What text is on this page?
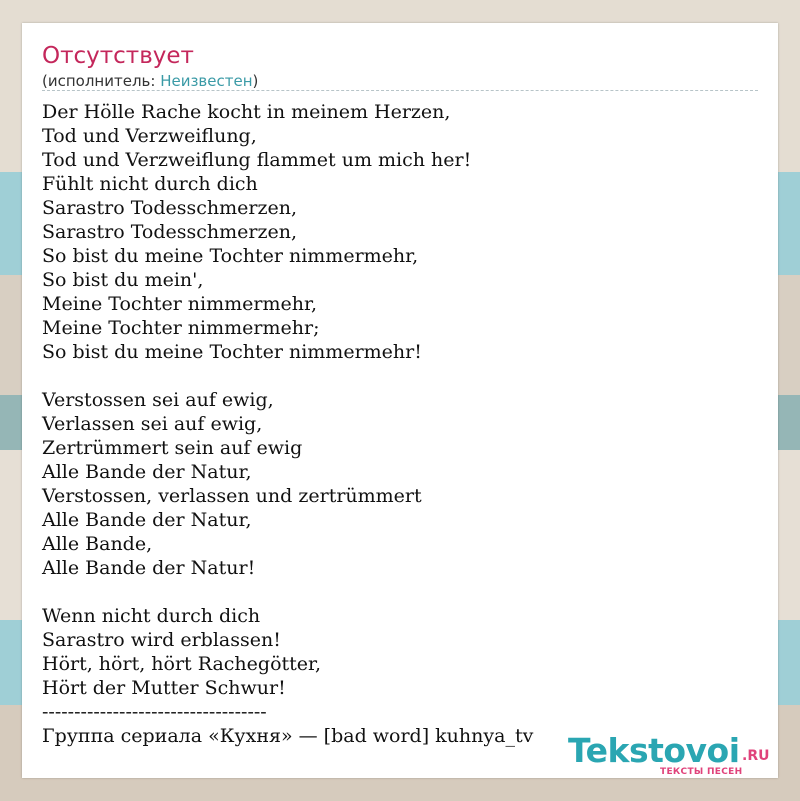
Отсутствует
(исполнитель: Неизвестен)
Der Hölle Rache kocht in meinem Herzen,
Tod und Verzweiflung,
Tod und Verzweiflung flammet um mich her!
Fühlt nicht durch dich
Sarastro Todesschmerzen,
Sarastro Todesschmerzen,
So bist du meine Tochter nimmermehr,
So bist du mein',
Meine Tochter nimmermehr,
Meine Tochter nimmermehr;
So bist du meine Tochter nimmermehr!
Verstossen sei auf ewig,
Verlassen sei auf ewig,
Zertrümmert sein auf ewig
Alle Bande der Natur,
Verstossen, verlassen und zertrümmert
Alle Bande der Natur,
Alle Bande,
Alle Bande der Natur!
Wenn nicht durch dich
Sarastro wird erblassen!
Hört, hört, hört Rachegötter,
Hört der Mutter Schwur!
-----------------------------------
Группа сериала «Кухня» — [bad word] kuhnya_tv	Tekstovoi .RU
ТЕКСТЫ ПЕСЕН
